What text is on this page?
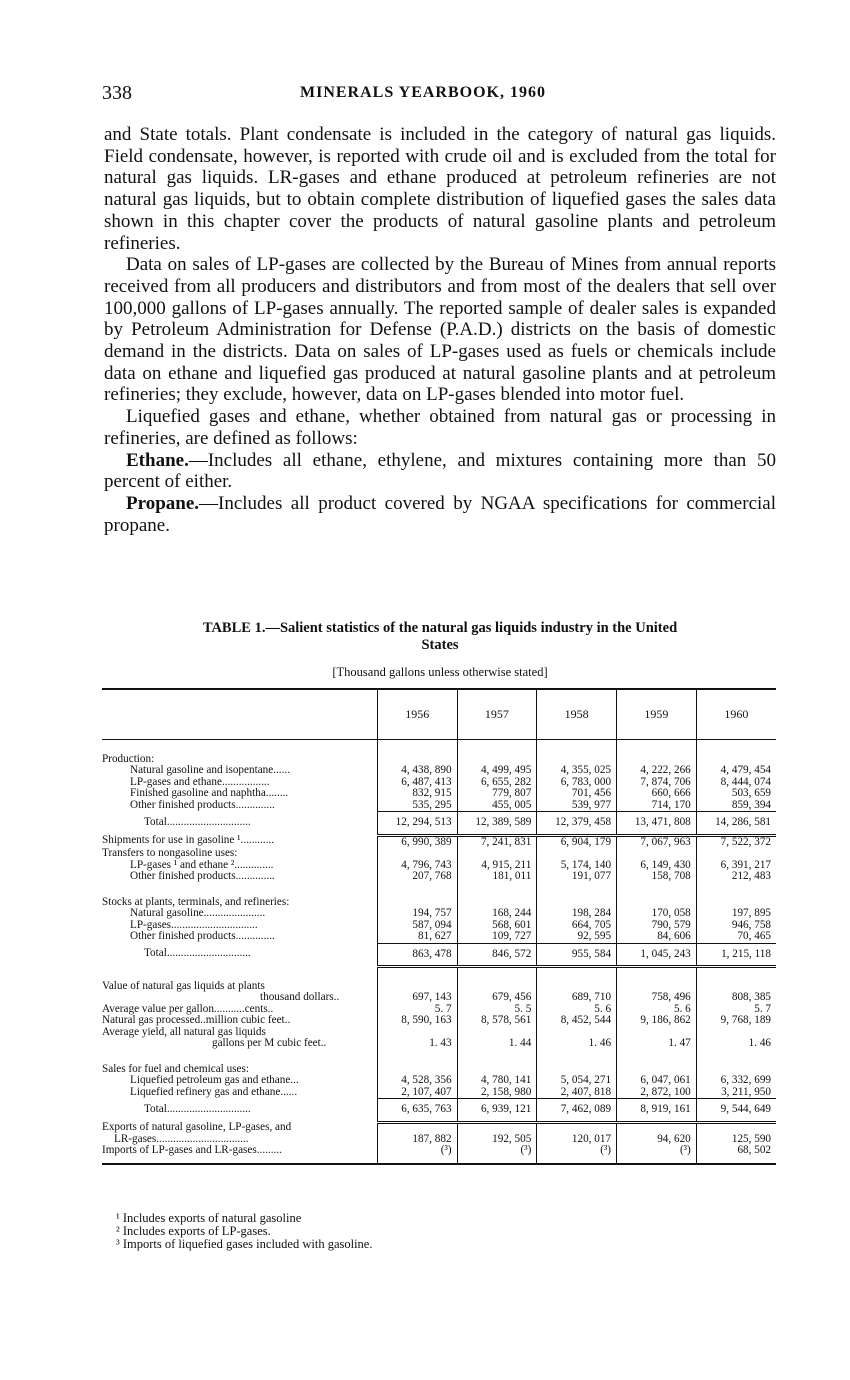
338	MINERALS YEARBOOK, 1960

and State totals. Plant condensate is included in the category of natural gas liquids. Field condensate, however, is reported with crude oil and is excluded from the total for natural gas liquids. LR-gases and ethane produced at petroleum refineries are not natural gas liquids, but to obtain complete distribution of liquefied gases the sales data shown in this chapter cover the products of natural gasoline plants and petroleum refineries.

Data on sales of LP-gases are collected by the Bureau of Mines from annual reports received from all producers and distributors and from most of the dealers that sell over 100,000 gallons of LP-gases annually. The reported sample of dealer sales is expanded by Petroleum Administration for Defense (P.A.D.) districts on the basis of domestic demand in the districts. Data on sales of LP-gases used as fuels or chemicals include data on ethane and liquefied gas produced at natural gasoline plants and at petroleum refineries; they exclude, however, data on LP-gases blended into motor fuel.

Liquefied gases and ethane, whether obtained from natural gas or processing in refineries, are defined as follows:

Ethane.—Includes all ethane, ethylene, and mixtures containing more than 50 percent of either.

Propane.—Includes all product covered by NGAA specifications for commercial propane.

TABLE 1.—Salient statistics of the natural gas liquids industry in the United
States
[Thousand gallons unless otherwise stated]
	1956	1957	1958	1959	1960
Production:					
Natural gasoline and isopentane......	4, 438, 890	4, 499, 495	4, 355, 025	4, 222, 266	4, 479, 454
LP-gases and ethane.................	6, 487, 413	6, 655, 282	6, 783, 000	7, 874, 706	8, 444, 074
Finished gasoline and naphtha........	832, 915	779, 807	701, 456	660, 666	503, 659
Other finished products..............	535, 295	455, 005	539, 977	714, 170	859, 394
Total..............................	12, 294, 513	12, 389, 589	12, 379, 458	13, 471, 808	14, 286, 581
Shipments for use in gasoline ¹............	6, 990, 389	7, 241, 831	6, 904, 179	7, 067, 963	7, 522, 372
Transfers to nongasoline uses:					
LP-gases ¹ and ethane ²..............	4, 796, 743	4, 915, 211	5, 174, 140	6, 149, 430	6, 391, 217
Other finished products..............	207, 768	181, 011	191, 077	158, 708	212, 483
Stocks at plants, terminals, and refineries:					
Natural gasoline......................	194, 757	168, 244	198, 284	170, 058	197, 895
LP-gases...............................	587, 094	568, 601	664, 705	790, 579	946, 758
Other finished products..............	81, 627	109, 727	92, 595	84, 606	70, 465
Total..............................	863, 478	846, 572	955, 584	1, 045, 243	1, 215, 118
Value of natural gas liquids at plants					
thousand dollars..	697, 143	679, 456	689, 710	758, 496	808, 385
Average value per gallon...........cents..	5. 7	5. 5	5. 6	5. 6	5. 7
Natural gas processed..million cubic feet..	8, 590, 163	8, 578, 561	8, 452, 544	9, 186, 862	9, 768, 189
Average yield, all natural gas liquids					
gallons per M cubic feet..	1. 43	1. 44	1. 46	1. 47	1. 46
Sales for fuel and chemical uses:					
Liquefied petroleum gas and ethane...	4, 528, 356	4, 780, 141	5, 054, 271	6, 047, 061	6, 332, 699
Liquefied refinery gas and ethane......	2, 107, 407	2, 158, 980	2, 407, 818	2, 872, 100	3, 211, 950
Total..............................	6, 635, 763	6, 939, 121	7, 462, 089	8, 919, 161	9, 544, 649
Exports of natural gasoline, LP-gases, and					
LR-gases.................................	187, 882	192, 505	120, 017	94, 620	125, 590
Imports of LP-gases and LR-gases.........	(³)	(³)	(³)	(³)	68, 502
¹ Includes exports of natural gasoline
² Includes exports of LP-gases.
³ Imports of liquefied gases included with gasoline.
